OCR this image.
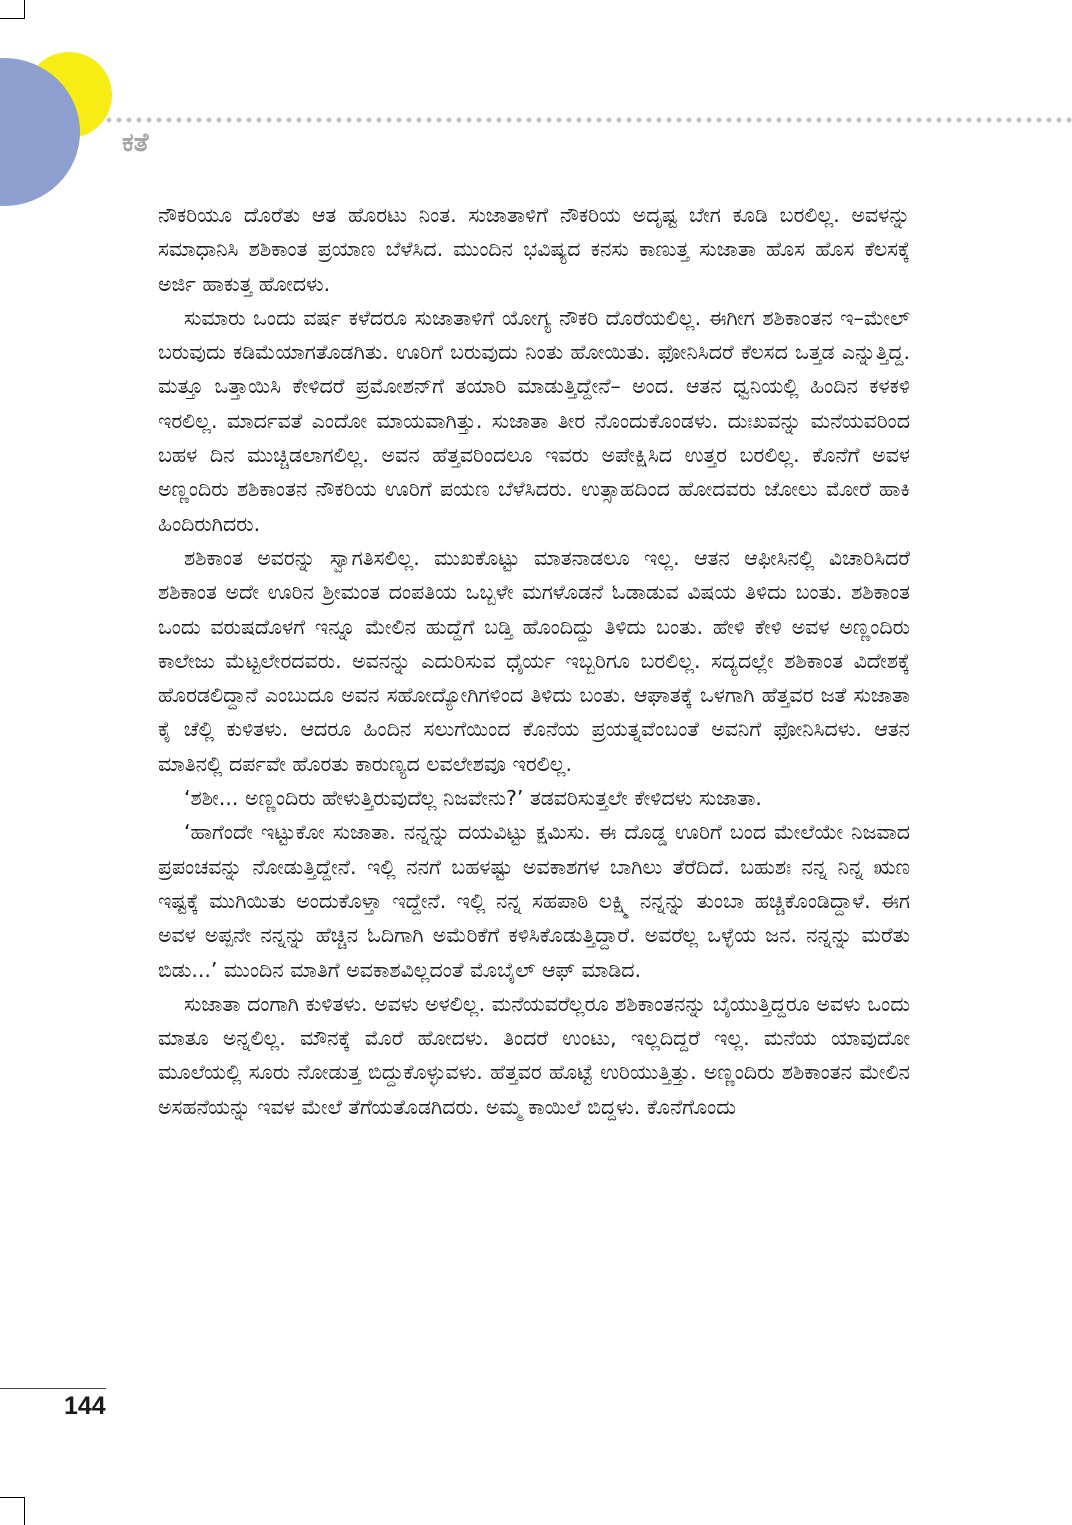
ಕತೆ

ನೌಕರಿಯೂ ದೊರೆತು ಆತ ಹೊರಟು ನಿಂತ. ಸುಜಾತಾಳಿಗೆ ನೌಕರಿಯ ಅದೃಷ್ಟ ಬೇಗ ಕೂಡಿ ಬರಲಿಲ್ಲ. ಅವಳನ್ನು ಸಮಾಧಾನಿಸಿ ಶಶಿಕಾಂತ ಪ್ರಯಾಣ ಬೆಳೆಸಿದ. ಮುಂದಿನ ಭವಿಷ್ಯದ ಕನಸು ಕಾಣುತ್ತ ಸುಜಾತಾ ಹೊಸ ಹೊಸ ಕೆಲಸಕ್ಕೆ ಅರ್ಜಿ ಹಾಕುತ್ತ ಹೋದಳು.

ಸುಮಾರು ಒಂದು ವರ್ಷ ಕಳೆದರೂ ಸುಜಾತಾಳಿಗೆ ಯೋಗ್ಯ ನೌಕರಿ ದೊರೆಯಲಿಲ್ಲ. ಈಗೀಗ ಶಶಿಕಾಂತನ ಇ–ಮೇಲ್ ಬರುವುದು ಕಡಿಮೆಯಾಗತೊಡಗಿತು. ಊರಿಗೆ ಬರುವುದು ನಿಂತು ಹೋಯಿತು. ಫೋನಿಸಿದರೆ ಕೆಲಸದ ಒತ್ತಡ ಎನ್ನುತ್ತಿದ್ದ. ಮತ್ತೂ ಒತ್ತಾಯಿಸಿ ಕೇಳಿದರೆ ಪ್ರಮೋಶನ್‌ಗೆ ತಯಾರಿ ಮಾಡುತ್ತಿದ್ದೇನೆ– ಅಂದ. ಆತನ ಧ್ವನಿಯಲ್ಲಿ ಹಿಂದಿನ ಕಳಕಳಿ ಇರಲಿಲ್ಲ. ಮಾರ್ದವತೆ ಎಂದೋ ಮಾಯವಾಗಿತ್ತು. ಸುಜಾತಾ ತೀರ ನೊಂದುಕೊಂಡಳು. ದುಃಖವನ್ನು ಮನೆಯವರಿಂದ ಬಹಳ ದಿನ ಮುಚ್ಚಿಡಲಾಗಲಿಲ್ಲ. ಅವನ ಹೆತ್ತವರಿಂದಲೂ ಇವರು ಅಪೇಕ್ಷಿಸಿದ ಉತ್ತರ ಬರಲಿಲ್ಲ. ಕೊನೆಗೆ ಅವಳ ಅಣ್ಣಂದಿರು ಶಶಿಕಾಂತನ ನೌಕರಿಯ ಊರಿಗೆ ಪಯಣ ಬೆಳೆಸಿದರು. ಉತ್ಸಾಹದಿಂದ ಹೋದವರು ಜೋಲು ಮೋರೆ ಹಾಕಿ ಹಿಂದಿರುಗಿದರು.

ಶಶಿಕಾಂತ ಅವರನ್ನು ಸ್ವಾಗತಿಸಲಿಲ್ಲ. ಮುಖಕೊಟ್ಟು ಮಾತನಾಡಲೂ ಇಲ್ಲ. ಆತನ ಆಫೀಸಿನಲ್ಲಿ ವಿಚಾರಿಸಿದರೆ ಶಶಿಕಾಂತ ಅದೇ ಊರಿನ ಶ್ರೀಮಂತ ದಂಪತಿಯ ಒಬ್ಬಳೇ ಮಗಳೊಡನೆ ಓಡಾಡುವ ವಿಷಯ ತಿಳಿದು ಬಂತು. ಶಶಿಕಾಂತ ಒಂದು ವರುಷದೊಳಗೆ ಇನ್ನೂ ಮೇಲಿನ ಹುದ್ದೆಗೆ ಬಡ್ತಿ ಹೊಂದಿದ್ದು ತಿಳಿದು ಬಂತು. ಹೇಳಿ ಕೇಳಿ ಅವಳ ಅಣ್ಣಂದಿರು ಕಾಲೇಜು ಮೆಟ್ಟಲೇರದವರು. ಅವನನ್ನು ಎದುರಿಸುವ ಧೈರ್ಯ ಇಬ್ಬರಿಗೂ ಬರಲಿಲ್ಲ. ಸದ್ಯದಲ್ಲೇ ಶಶಿಕಾಂತ ವಿದೇಶಕ್ಕೆ ಹೊರಡಲಿದ್ದಾನೆ ಎಂಬುದೂ ಅವನ ಸಹೋದ್ಯೋಗಿಗಳಿಂದ ತಿಳಿದು ಬಂತು. ಆಘಾತಕ್ಕೆ ಒಳಗಾಗಿ ಹೆತ್ತವರ ಜತೆ ಸುಜಾತಾ ಕೈ ಚೆಲ್ಲಿ ಕುಳಿತಳು. ಆದರೂ ಹಿಂದಿನ ಸಲುಗೆಯಿಂದ ಕೊನೆಯ ಪ್ರಯತ್ನವೆಂಬಂತೆ ಅವನಿಗೆ ಫೋನಿಸಿದಳು. ಆತನ ಮಾತಿನಲ್ಲಿ ದರ್ಪವೇ ಹೊರತು ಕಾರುಣ್ಯದ ಲವಲೇಶವೂ ಇರಲಿಲ್ಲ.

‘ಶಶೀ... ಅಣ್ಣಂದಿರು ಹೇಳುತ್ತಿರುವುದೆಲ್ಲ ನಿಜವೇನು?’ ತಡವರಿಸುತ್ತಲೇ ಕೇಳಿದಳು ಸುಜಾತಾ.

‘ಹಾಗೆಂದೇ ಇಟ್ಟುಕೋ ಸುಜಾತಾ. ನನ್ನನ್ನು ದಯವಿಟ್ಟು ಕ್ಷಮಿಸು. ಈ ದೊಡ್ಡ ಊರಿಗೆ ಬಂದ ಮೇಲೆಯೇ ನಿಜವಾದ ಪ್ರಪಂಚವನ್ನು ನೋಡುತ್ತಿದ್ದೇನೆ. ಇಲ್ಲಿ ನನಗೆ ಬಹಳಷ್ಟು ಅವಕಾಶಗಳ ಬಾಗಿಲು ತೆರೆದಿದೆ. ಬಹುಶಃ ನನ್ನ ನಿನ್ನ ಋಣ ಇಷ್ಟಕ್ಕೆ ಮುಗಿಯಿತು ಅಂದುಕೊಳ್ತಾ ಇದ್ದೇನೆ. ಇಲ್ಲಿ ನನ್ನ ಸಹಪಾಠಿ ಲಕ್ಷ್ಮಿ ನನ್ನನ್ನು ತುಂಬಾ ಹಚ್ಚಿಕೊಂಡಿದ್ದಾಳೆ. ಈಗ ಅವಳ ಅಪ್ಪನೇ ನನ್ನನ್ನು ಹೆಚ್ಚಿನ ಓದಿಗಾಗಿ ಅಮೆರಿಕೆಗೆ ಕಳಿಸಿಕೊಡುತ್ತಿದ್ದಾರೆ. ಅವರೆಲ್ಲ ಒಳ್ಳೆಯ ಜನ. ನನ್ನನ್ನು ಮರೆತು ಬಿಡು...’ ಮುಂದಿನ ಮಾತಿಗೆ ಅವಕಾಶವಿಲ್ಲದಂತೆ ಮೊಬೈಲ್ ಆಫ್ ಮಾಡಿದ.

ಸುಜಾತಾ ದಂಗಾಗಿ ಕುಳಿತಳು. ಅವಳು ಅಳಲಿಲ್ಲ. ಮನೆಯವರೆಲ್ಲರೂ ಶಶಿಕಾಂತನನ್ನು ಬೈಯುತ್ತಿದ್ದರೂ ಅವಳು ಒಂದು ಮಾತೂ ಅನ್ನಲಿಲ್ಲ. ಮೌನಕ್ಕೆ ಮೊರೆ ಹೋದಳು. ತಿಂದರೆ ಉಂಟು, ಇಲ್ಲದಿದ್ದರೆ ಇಲ್ಲ. ಮನೆಯ ಯಾವುದೋ ಮೂಲೆಯಲ್ಲಿ ಸೂರು ನೋಡುತ್ತ ಬಿದ್ದುಕೊಳ್ಳುವಳು. ಹೆತ್ತವರ ಹೊಟ್ಟೆ ಉರಿಯುತ್ತಿತ್ತು. ಅಣ್ಣಂದಿರು ಶಶಿಕಾಂತನ ಮೇಲಿನ ಅಸಹನೆಯನ್ನು ಇವಳ ಮೇಲೆ ತೆಗೆಯತೊಡಗಿದರು. ಅಮ್ಮ ಕಾಯಿಲೆ ಬಿದ್ದಳು. ಕೊನೆಗೊಂದು

144
